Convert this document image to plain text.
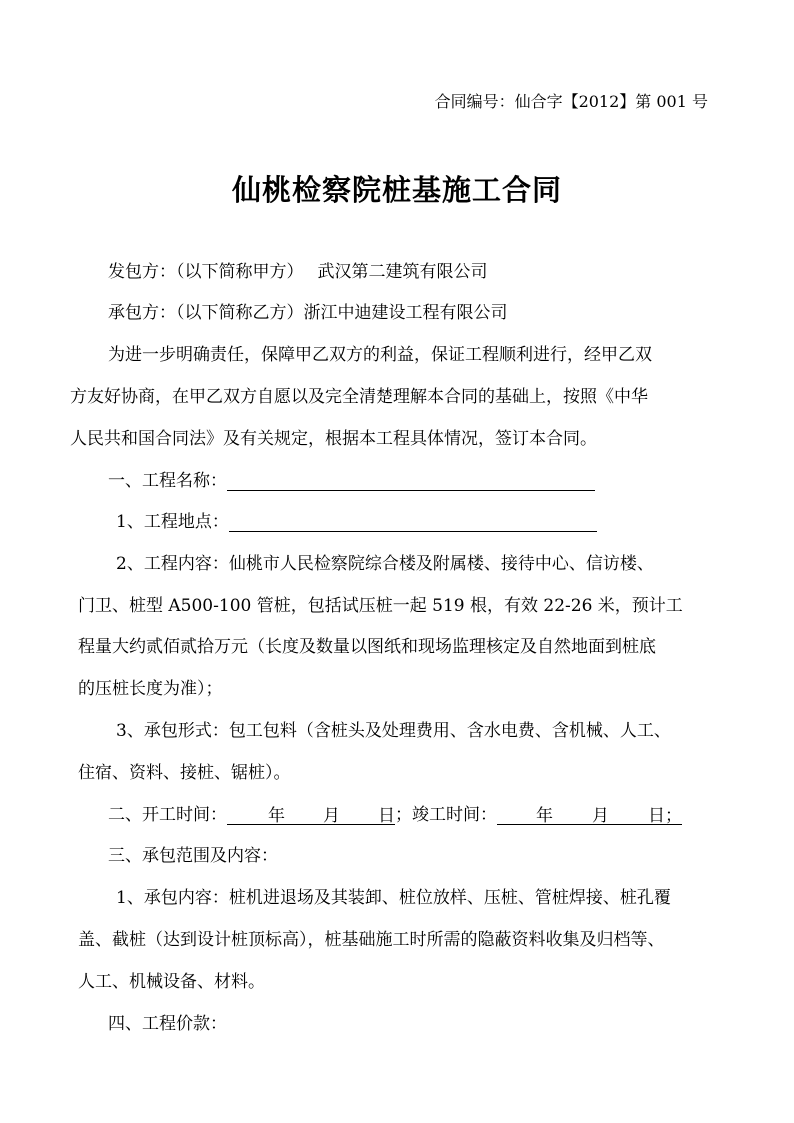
合同编号：仙合字【2012】第 001 号
仙桃检察院桩基施工合同
发包方：（以下简称甲方） 武汉第二建筑有限公司
承包方：（以下简称乙方）浙江中迪建设工程有限公司
为进一步明确责任，保障甲乙双方的利益，保证工程顺利进行，经甲乙双
方友好协商，在甲乙双方自愿以及完全清楚理解本合同的基础上，按照《中华
人民共和国合同法》及有关规定，根据本工程具体情况，签订本合同。
一、工程名称：
1、工程地点：
2、工程内容：仙桃市人民检察院综合楼及附属楼、接待中心、信访楼、
门卫、桩型 A500-100 管桩，包括试压桩一起 519 根，有效 22-26 米，预计工
程量大约贰佰贰拾万元（长度及数量以图纸和现场监理核定及自然地面到桩底
的压桩长度为准）；
3、承包形式：包工包料（含桩头及处理费用、含水电费、含机械、人工、
住宿、资料、接桩、锯桩）。
二、开工时间： 年 月 日；竣工时间： 年 月 日；
三、承包范围及内容：
1、承包内容：桩机进退场及其装卸、桩位放样、压桩、管桩焊接、桩孔覆
盖、截桩（达到设计桩顶标高），桩基础施工时所需的隐蔽资料收集及归档等、
人工、机械设备、材料。
四、工程价款：
